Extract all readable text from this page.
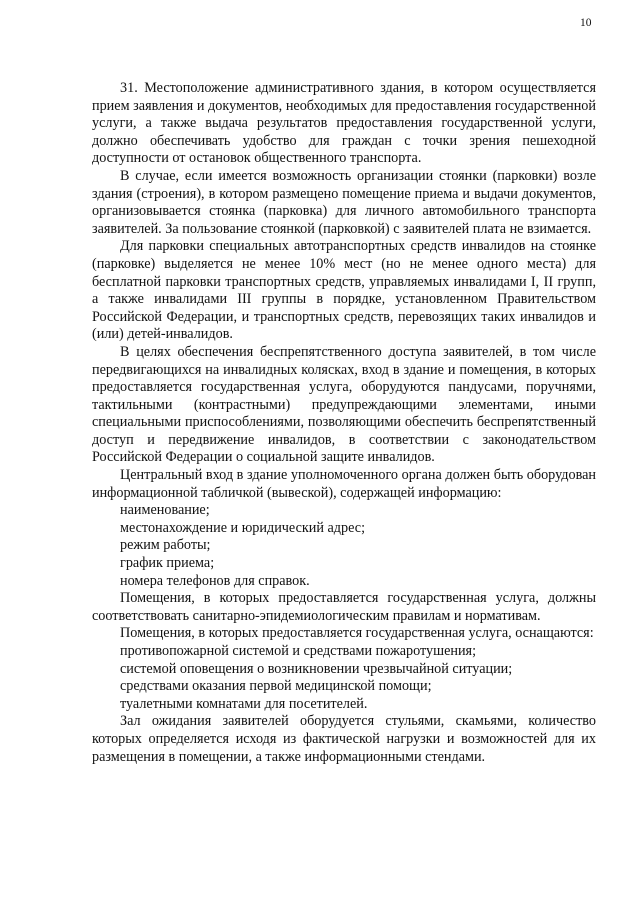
10

31. Местоположение административного здания, в котором осуществляется прием заявления и документов, необходимых для предоставления государственной услуги, а также выдача результатов предоставления государственной услуги, должно обеспечивать удобство для граждан с точки зрения пешеходной доступности от остановок общественного транспорта.

В случае, если имеется возможность организации стоянки (парковки) возле здания (строения), в котором размещено помещение приема и выдачи документов, организовывается стоянка (парковка) для личного автомобильного транспорта заявителей. За пользование стоянкой (парковкой) с заявителей плата не взимается.

Для парковки специальных автотранспортных средств инвалидов на стоянке (парковке) выделяется не менее 10% мест (но не менее одного места) для бесплатной парковки транспортных средств, управляемых инвалидами I, II групп, а также инвалидами III группы в порядке, установленном Правительством Российской Федерации, и транспортных средств, перевозящих таких инвалидов и (или) детей-инвалидов.

В целях обеспечения беспрепятственного доступа заявителей, в том числе передвигающихся на инвалидных колясках, вход в здание и помещения, в которых предоставляется государственная услуга, оборудуются пандусами, поручнями, тактильными (контрастными) предупреждающими элементами, иными специальными приспособлениями, позволяющими обеспечить беспрепятственный доступ и передвижение инвалидов, в соответствии с законодательством Российской Федерации о социальной защите инвалидов.

Центральный вход в здание уполномоченного органа должен быть оборудован информационной табличкой (вывеской), содержащей информацию:

наименование;

местонахождение и юридический адрес;

режим работы;

график приема;

номера телефонов для справок.

Помещения, в которых предоставляется государственная услуга, должны соответствовать санитарно-эпидемиологическим правилам и нормативам.

Помещения, в которых предоставляется государственная услуга, оснащаются:

противопожарной системой и средствами пожаротушения;

системой оповещения о возникновении чрезвычайной ситуации;

средствами оказания первой медицинской помощи;

туалетными комнатами для посетителей.

Зал ожидания заявителей оборудуется стульями, скамьями, количество которых определяется исходя из фактической нагрузки и возможностей для их размещения в помещении, а также информационными стендами.
